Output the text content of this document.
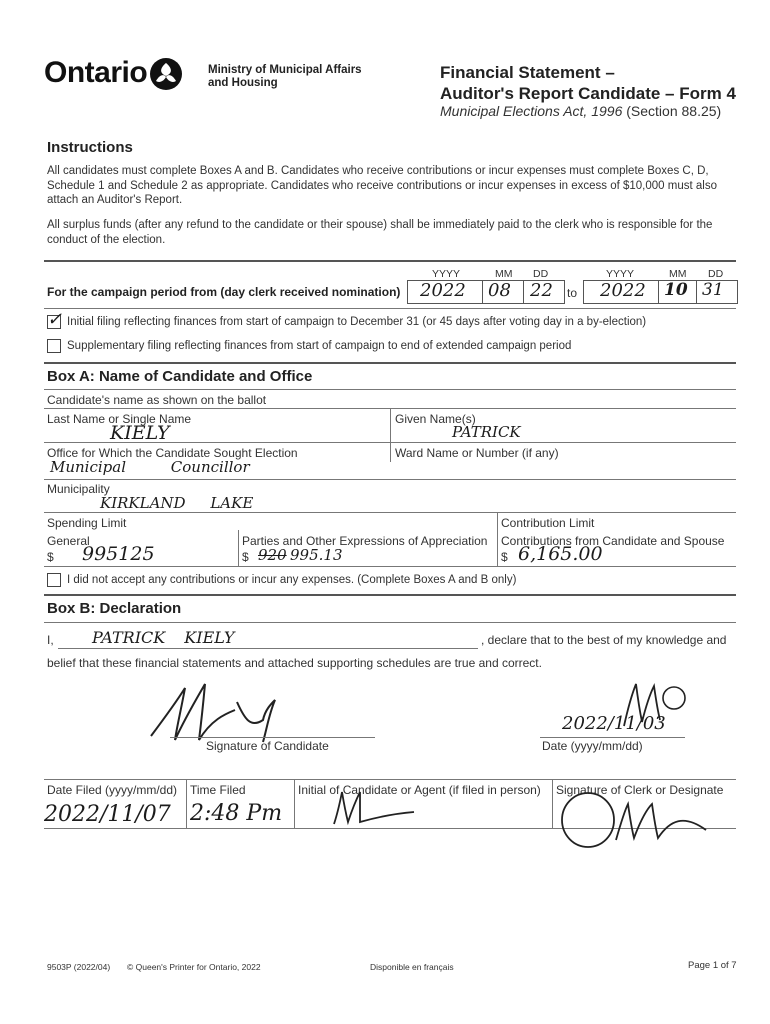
Ontario	Ministry of Municipal Affairs
and Housing
Financial Statement –
Auditor's Report Candidate – Form 4
Municipal Elections Act, 1996 (Section 88.25)
Instructions
All candidates must complete Boxes A and B. Candidates who receive contributions or incur expenses must complete Boxes C, D, Schedule 1 and Schedule 2 as appropriate. Candidates who receive contributions or incur expenses in excess of $10,000 must also attach an Auditor's Report.
All surplus funds (after any refund to the candidate or their spouse) shall be immediately paid to the clerk who is responsible for the conduct of the election.
YYYY	MM DD	YYYY	MM DD
For the campaign period from (day clerk received nomination) 2022 08 22 to 2022 10 31
✓ Initial filing reflecting finances from start of campaign to December 31 (or 45 days after voting day in a by-election)
Supplementary filing reflecting finances from start of campaign to end of extended campaign period
Box A: Name of Candidate and Office
Candidate's name as shown on the ballot
Last Name or Single Name
KIELY
Given Name(s)
PATRICK
Office for Which the Candidate Sought Election
Municipal Councillor
Ward Name or Number (if any)
Municipality
KIRKLAND LAKE
Spending Limit	Contribution Limit
General
$ 995125
Parties and Other Expressions of Appreciation
$ 920 995.13
Contributions from Candidate and Spouse
$ 6,165.00
I did not accept any contributions or incur any expenses. (Complete Boxes A and B only)
Box B: Declaration
I, PATRICK KIELY	, declare that to the best of my knowledge and
belief that these financial statements and attached supporting schedules are true and correct.
Signature of Candidate
2022/11/03
Date (yyyy/mm/dd)
Date Filed (yyyy/mm/dd)
2022/11/07
Time Filed
2:48 Pm
Initial of Candidate or Agent (if filed in person) Signature of Clerk or Designate
9503P (2022/04) © Queen's Printer for Ontario, 2022	Disponible en français	Page 1 of 7
